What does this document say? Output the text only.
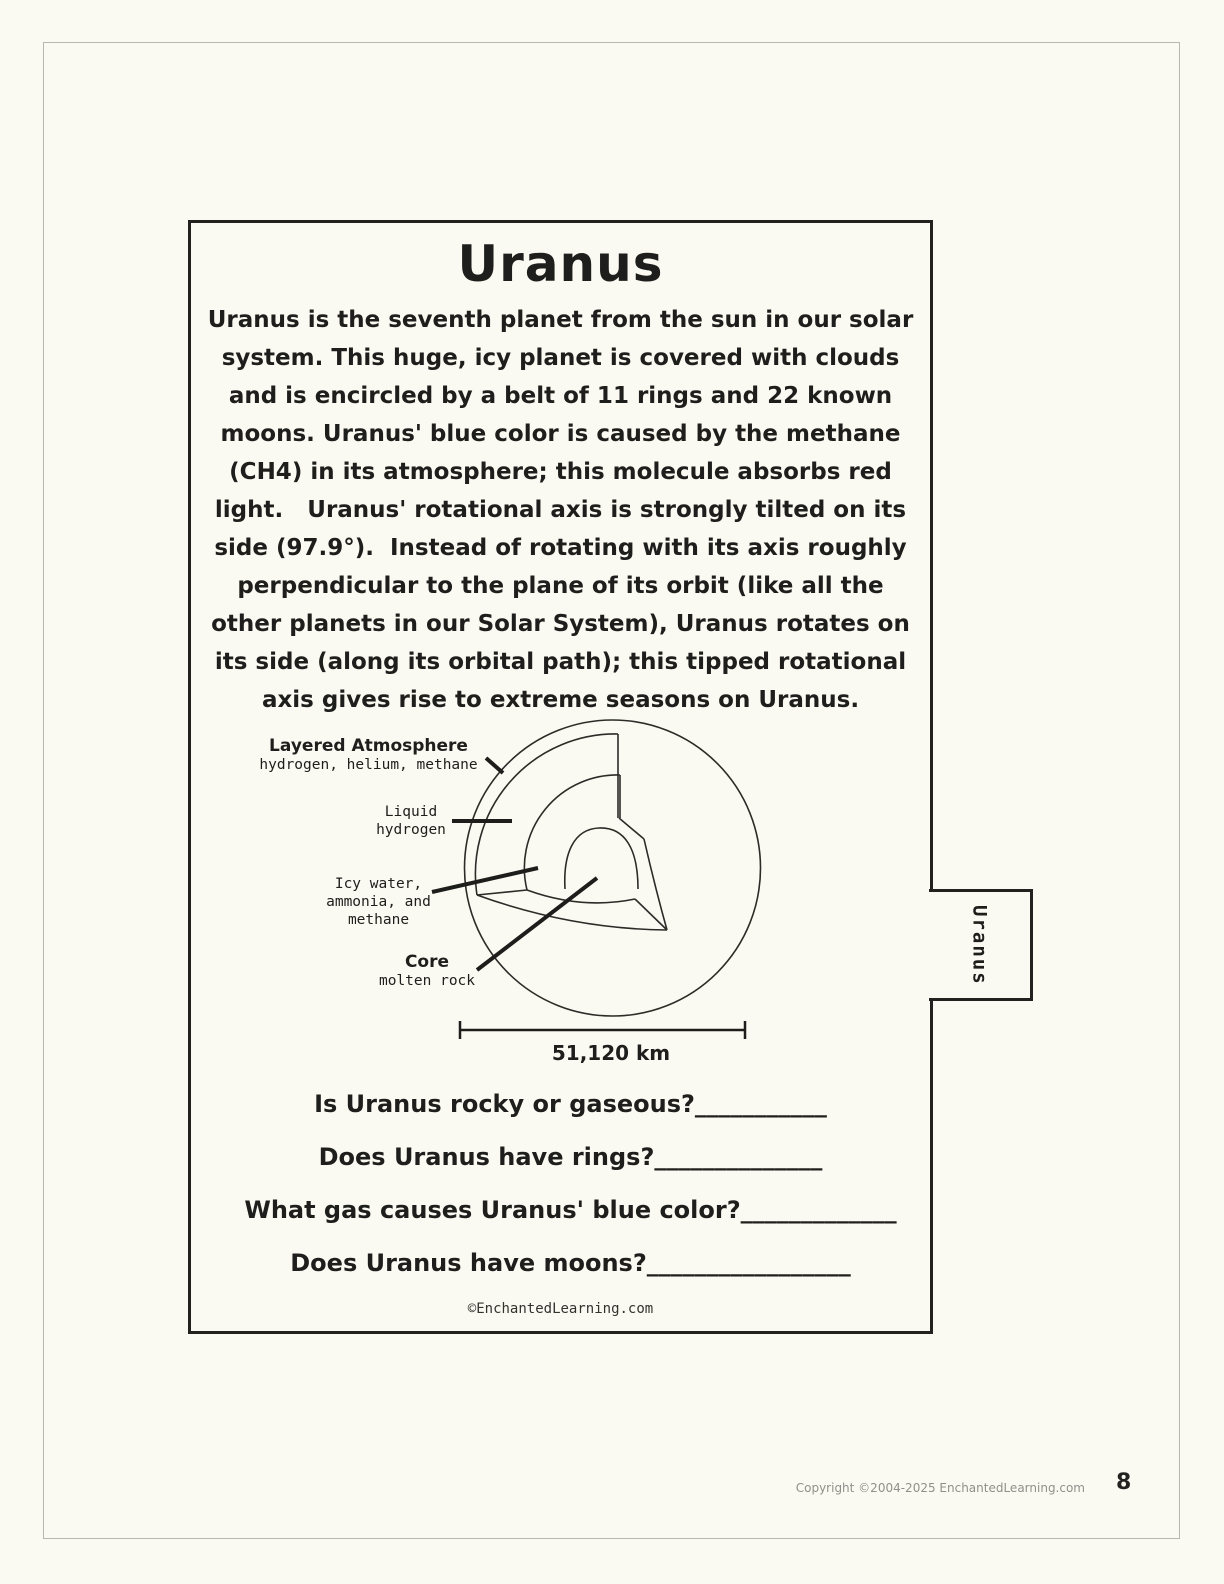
Uranus
Uranus is the seventh planet from the sun in our solar
system. This huge, icy planet is covered with clouds
and is encircled by a belt of 11 rings and 22 known
moons. Uranus' blue color is caused by the methane
(CH4) in its atmosphere; this molecule absorbs red
light.   Uranus' rotational axis is strongly tilted on its
side (97.9°).  Instead of rotating with its axis roughly
perpendicular to the plane of its orbit (like all the
other planets in our Solar System), Uranus rotates on
its side (along its orbital path); this tipped rotational
axis gives rise to extreme seasons on Uranus.
Layered Atmosphere
hydrogen, helium, methane
Liquid
hydrogen
Icy water,
ammonia, and
methane
Core
molten rock
51,120 km
Is Uranus rocky or gaseous?___________
Does Uranus have rings?______________
What gas causes Uranus' blue color?_____________
Does Uranus have moons?_________________
©EnchantedLearning.com
Uranus
Copyright ©2004-2025 EnchantedLearning.com 8
